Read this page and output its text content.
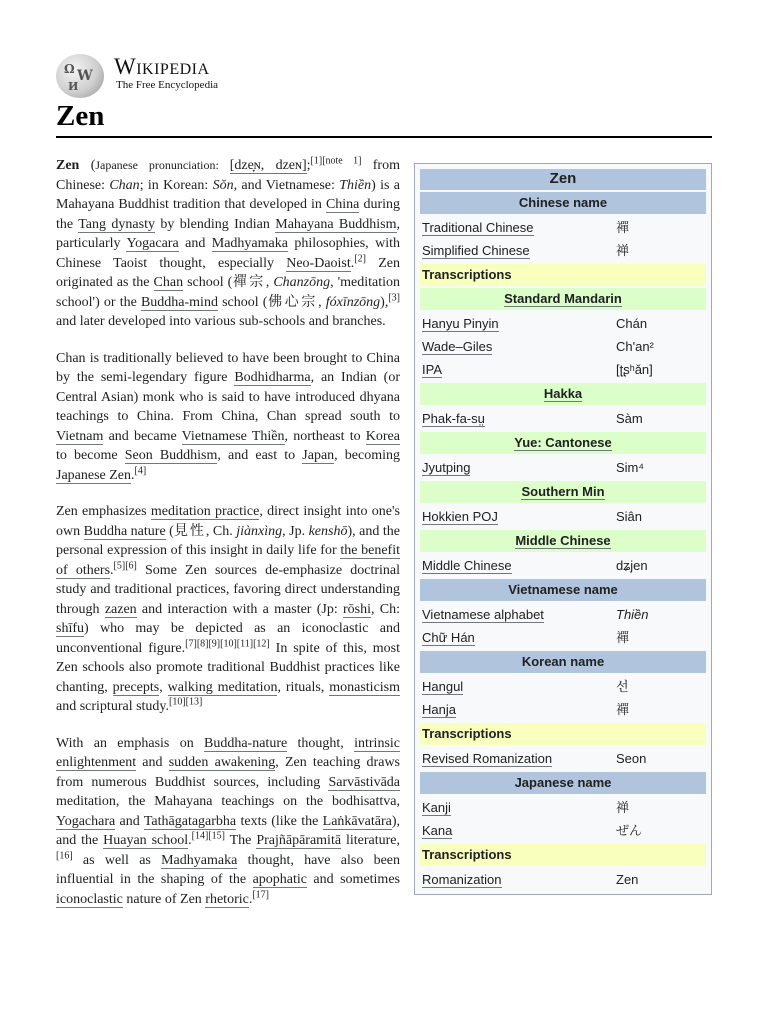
Ω W
И
Wikipedia
The Free Encyclopedia
Zen
Zen
Chinese name
Traditional Chinese	禪
Simplified Chinese	禅
Transcriptions
Standard Mandarin
Hanyu Pinyin	Chán
Wade–Giles	Ch'an²
IPA	[ʈʂʰǎn]
Hakka
Phak-fa-sṳ	Sàm
Yue: Cantonese
Jyutping	Sim⁴
Southern Min
Hokkien POJ	Siân
Middle Chinese
Middle Chinese	dʑjen
Vietnamese name
Vietnamese alphabet	Thiền
Chữ Hán	禪
Korean name
Hangul	선
Hanja	禪
Transcriptions
Revised Romanization	Seon
Japanese name
Kanji	禅
Kana	ぜん
Transcriptions
Romanization	Zen

Zen (Japanese pronunciation: [dze̞ɴ, dzeɴ];[1][note 1] from Chinese: Chan; in Korean: Sŏn, and Vietnamese: Thiền) is a Mahayana Buddhist tradition that developed in China during the Tang dynasty by blending Indian Mahayana Buddhism, particularly Yogacara and Madhyamaka philosophies, with Chinese Taoist thought, especially Neo-Daoist.[2] Zen originated as the Chan school (禪宗, Chanzōng, 'meditation school') or the Buddha-mind school (佛心宗, fóxīnzōng),[3] and later developed into various sub-schools and branches.

Chan is traditionally believed to have been brought to China by the semi-legendary figure Bodhidharma, an Indian (or Central Asian) monk who is said to have introduced dhyana teachings to China. From China, Chan spread south to Vietnam and became Vietnamese Thiền, northeast to Korea to become Seon Buddhism, and east to Japan, becoming Japanese Zen.[4]

Zen emphasizes meditation practice, direct insight into one's own Buddha nature (見性, Ch. jiànxìng, Jp. kenshō), and the personal expression of this insight in daily life for the benefit of others.[5][6] Some Zen sources de-emphasize doctrinal study and traditional practices, favoring direct understanding through zazen and interaction with a master (Jp: rōshi, Ch: shīfu) who may be depicted as an iconoclastic and unconventional figure.[7][8][9][10][11][12] In spite of this, most Zen schools also promote traditional Buddhist practices like chanting, precepts, walking meditation, rituals, monasticism and scriptural study.[10][13]

With an emphasis on Buddha-nature thought, intrinsic enlightenment and sudden awakening, Zen teaching draws from numerous Buddhist sources, including Sarvāstivāda meditation, the Mahayana teachings on the bodhisattva, Yogachara and Tathāgatagarbha texts (like the Laṅkāvatāra), and the Huayan school.[14][15] The Prajñāpāramitā literature,[16] as well as Madhyamaka thought, have also been influential in the shaping of the apophatic and sometimes iconoclastic nature of Zen rhetoric.[17]
